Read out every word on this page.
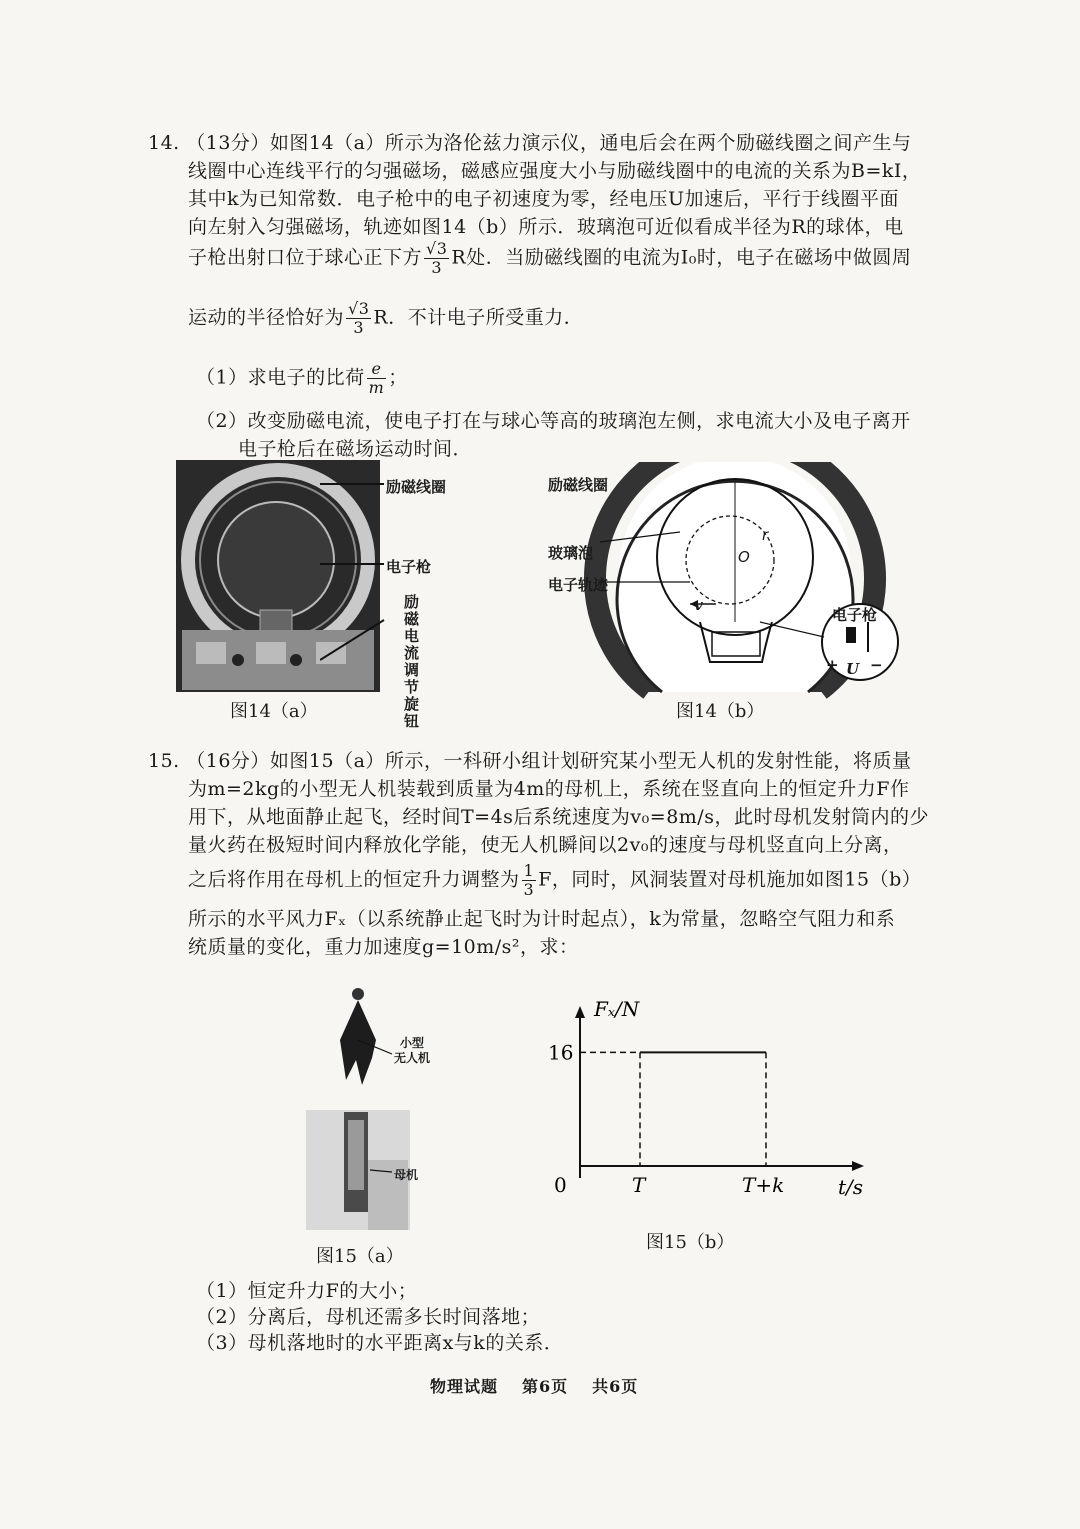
14. （13分）如图14（a）所示为洛伦兹力演示仪，通电后会在两个励磁线圈之间产生与
线圈中心连线平行的匀强磁场，磁感应强度大小与励磁线圈中的电流的关系为B=kI，
其中k为已知常数．电子枪中的电子初速度为零，经电压U加速后，平行于线圈平面
向左射入匀强磁场，轨迹如图14（b）所示．玻璃泡可近似看成半径为R的球体，电
子枪出射口位于球心正下方 $\frac{√3}{3}$ R处．当励磁线圈的电流为I₀时，电子在磁场中做圆周
运动的半径恰好为 $\frac{√3}{3}$ R．不计电子所受重力．
（1）求电子的比荷 $\frac{e}{m}$ ；
（2）改变励磁电流，使电子打在与球心等高的玻璃泡左侧，求电流大小及电子离开
电子枪后在磁场运动时间．
励磁线圈
电子枪
励磁电流调节旋钮
图14（a）
励磁线圈
玻璃泡
电子轨迹
电子枪
v
U
+ −
r
O
图14（b）
15. （16分）如图15（a）所示，一科研小组计划研究某小型无人机的发射性能，将质量
为m=2kg的小型无人机装载到质量为4m的母机上，系统在竖直向上的恒定升力F作
用下，从地面静止起飞，经时间T=4s后系统速度为v₀=8m/s，此时母机发射筒内的少
量火药在极短时间内释放化学能，使无人机瞬间以2v₀的速度与母机竖直向上分离，
之后将作用在母机上的恒定升力调整为 $\frac{1}{3}$ F，同时，风洞装置对母机施加如图15（b）
所示的水平风力Fₓ（以系统静止起飞时为计时起点），k为常量，忽略空气阻力和系
统质量的变化，重力加速度g=10m/s²，求：
小型
无人机
母机
图15（a）
Fₓ/N
t/s
16
0	T	T+k
图15（b）
（1）恒定升力F的大小；
（2）分离后，母机还需多长时间落地；
（3）母机落地时的水平距离x与k的关系．
物理试题 第6页 共6页
